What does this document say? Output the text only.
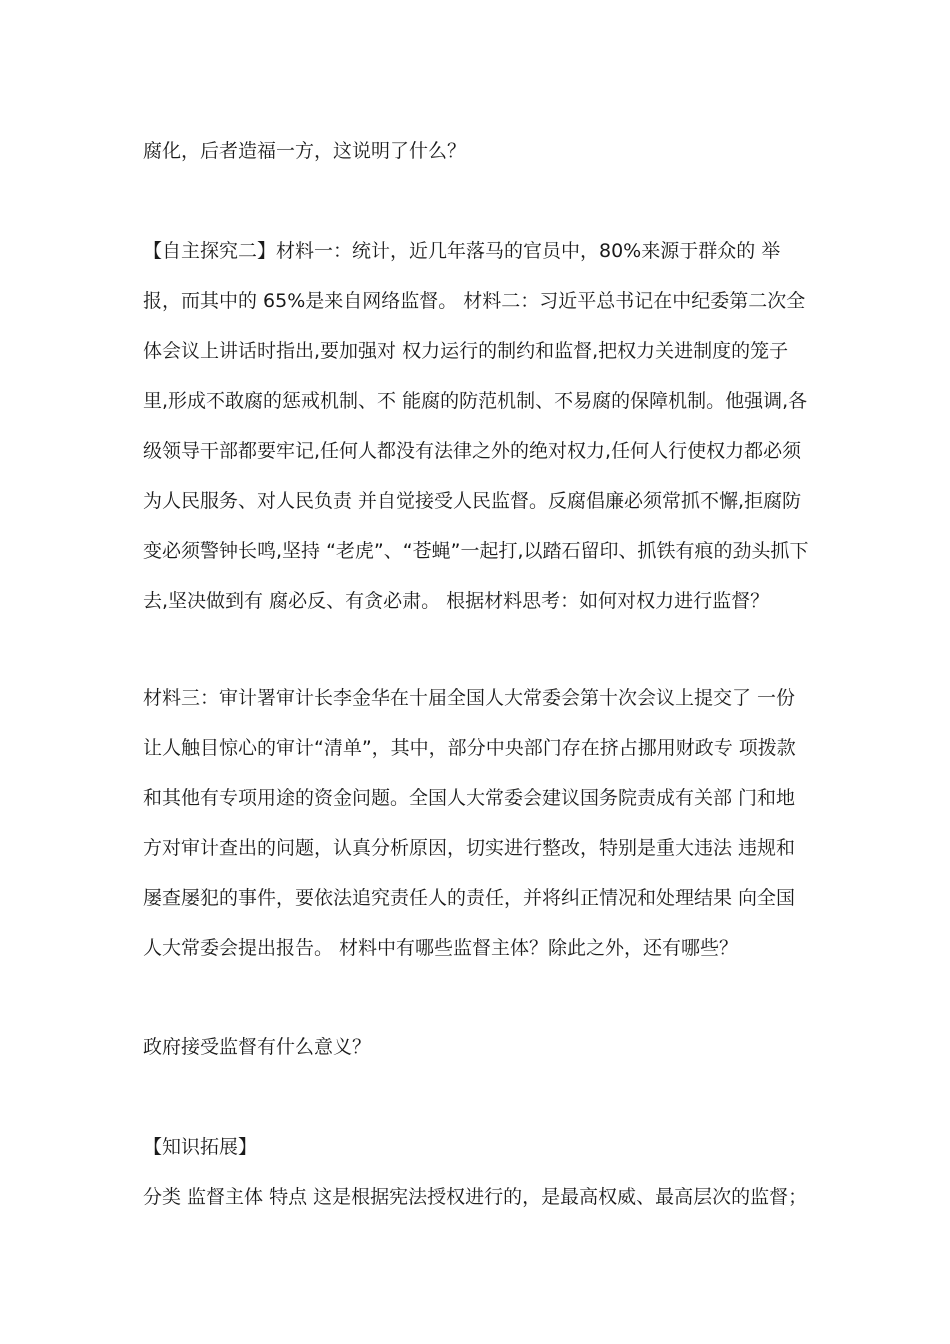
腐化，后者造福一方，这说明了什么？

【自主探究二】材料一：统计，近几年落马的官员中，80%来源于群众的 举报，而其中的 65%是来自网络监督。 材料二：习近平总书记在中纪委第二次全体会议上讲话时指出,要加强对 权力运行的制约和监督,把权力关进制度的笼子里,形成不敢腐的惩戒机制、不 能腐的防范机制、不易腐的保障机制。他强调,各级领导干部都要牢记,任何人都没有法律之外的绝对权力,任何人行使权力都必须为人民服务、对人民负责 并自觉接受人民监督。反腐倡廉必须常抓不懈,拒腐防变必须警钟长鸣,坚持 “老虎”、“苍蝇”一起打,以踏石留印、抓铁有痕的劲头抓下去,坚决做到有 腐必反、有贪必肃。 根据材料思考：如何对权力进行监督？

材料三：审计署审计长李金华在十届全国人大常委会第十次会议上提交了 一份让人触目惊心的审计“清单”，其中，部分中央部门存在挤占挪用财政专 项拨款和其他有专项用途的资金问题。全国人大常委会建议国务院责成有关部 门和地方对审计查出的问题，认真分析原因，切实进行整改，特别是重大违法 违规和屡查屡犯的事件，要依法追究责任人的责任，并将纠正情况和处理结果 向全国人大常委会提出报告。 材料中有哪些监督主体？除此之外，还有哪些？

政府接受监督有什么意义？

【知识拓展】

分类 监督主体 特点 这是根据宪法授权进行的，是最高权威、最高层次的监督；
